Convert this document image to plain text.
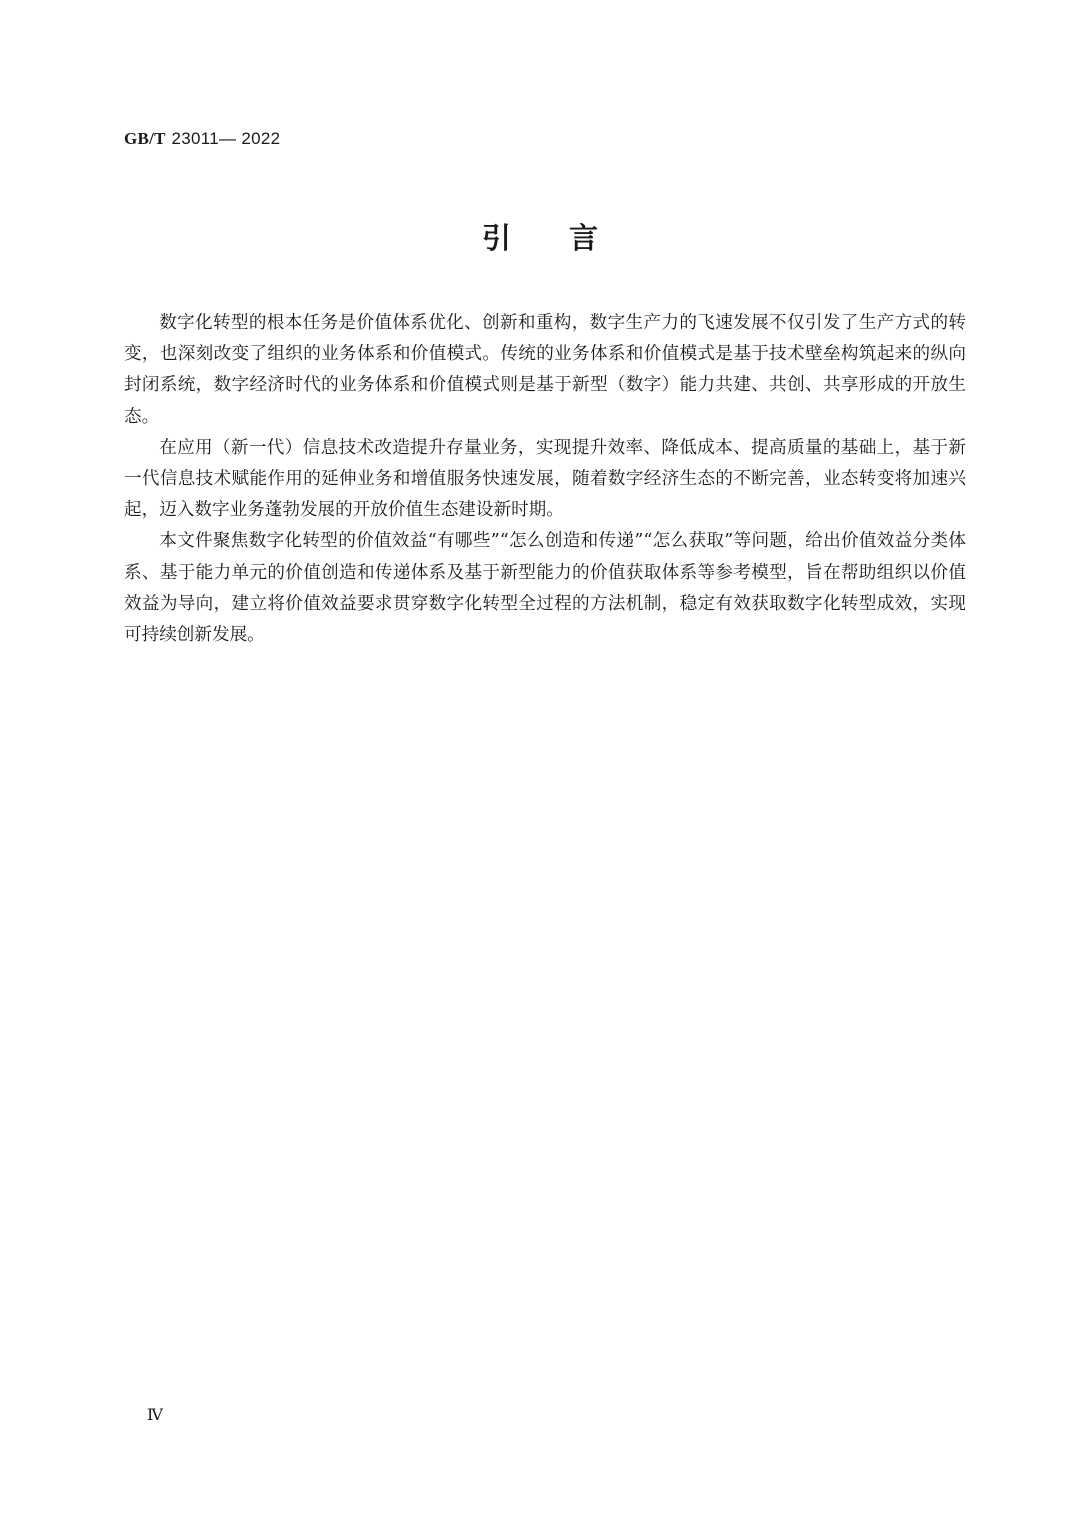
GB/T 23011— 2022
引言

数字化转型的根本任务是价值体系优化、创新和重构，数字生产力的飞速发展不仅引发了生产方式的转变，也深刻改变了组织的业务体系和价值模式。传统的业务体系和价值模式是基于技术壁垒构筑起来的纵向封闭系统，数字经济时代的业务体系和价值模式则是基于新型（数字）能力共建、共创、共享形成的开放生态。

在应用（新一代）信息技术改造提升存量业务，实现提升效率、降低成本、提高质量的基础上，基于新一代信息技术赋能作用的延伸业务和增值服务快速发展，随着数字经济生态的不断完善，业态转变将加速兴起，迈入数字业务蓬勃发展的开放价值生态建设新时期。

本文件聚焦数字化转型的价值效益“有哪些”“怎么创造和传递”“怎么获取”等问题，给出价值效益分类体系、基于能力单元的价值创造和传递体系及基于新型能力的价值获取体系等参考模型，旨在帮助组织以价值效益为导向，建立将价值效益要求贯穿数字化转型全过程的方法机制，稳定有效获取数字化转型成效，实现可持续创新发展。

Ⅳ
